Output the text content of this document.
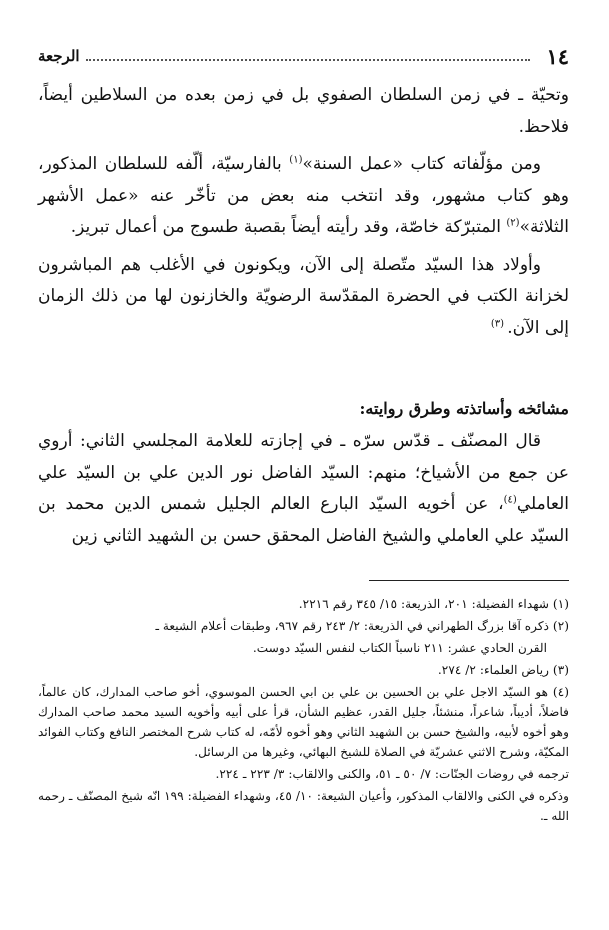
١٤
الرجعة

وتحيّة ـ في زمن السلطان الصفوي بل في زمن بعده من السلاطين أيضاً، فلاحظ.

ومن مؤلّفاته كتاب «عمل السنة»$^{(١)}$ بالفارسيّة، ألّفه للسلطان المذكور، وهو كتاب مشهور، وقد انتخب منه بعض من تأخّر عنه «عمل الأشهر الثلاثة»$^{(٢)}$ المتبرّكة خاصّة، وقد رأيته أيضاً بقصبة طسوج من أعمال تبريز.

وأولاد هذا السيّد متّصلة إلى الآن، ويكونون في الأغلب هم المباشرون لخزانة الكتب في الحضرة المقدّسة الرضويّة والخازنون لها من ذلك الزمان إلى الآن. $^{(٣)}$

مشائخه وأساتذته وطرق روايته:

قال المصنّف ـ قدّس سرّه ـ في إجازته للعلامة المجلسي الثاني: أروي عن جمع من الأشياخ؛ منهم: السيّد الفاضل نور الدين علي بن السيّد علي العاملي$^{(٤)}$، عن أخويه السيّد البارع العالم الجليل شمس الدين محمد بن السيّد علي العاملي والشيخ الفاضل المحقق حسن بن الشهيد الثاني زين

(١) شهداء الفضيلة: ٢٠١، الذريعة: ١٥/ ٣٤٥ رقم ٢٢١٦.
(٢) ذكره آقا بزرگ الطهراني في الذريعة: ٢/ ٢٤٣ رقم ٩٦٧، وطبقات أعلام الشيعة ـ
القرن الحادي عشر: ٢١١ ناسباً الكتاب لنفس السيّد دوست.
(٣) رياض العلماء: ٢/ ٢٧٤.
(٤) هو السيّد الاجل علي بن الحسين بن علي بن ابي الحسن الموسوي، أخو صاحب المدارك، كان عالماً، فاضلاً، أديباً، شاعراً، منشئاً، جليل القدر، عظيم الشأن، قرأ على أبيه وأخويه السيد محمد صاحب المدارك وهو أخوه لأبيه، والشيخ حسن بن الشهيد الثاني وهو أخوه لأمّه، له كتاب شرح المختصر النافع وكتاب الفوائد المكيّة، وشرح الاثني عشريّة في الصلاة للشيخ البهائي، وغيرها من الرسائل.
ترجمه في روضات الجنّات: ٧/ ٥٠ ـ ٥١، والكنى والالقاب: ٣/ ٢٢٣ ـ ٢٢٤.
وذكره في الكنى والالقاب المذكور، وأعيان الشيعة: ١٠/ ٤٥، وشهداء الفضيلة: ١٩٩ انّه شيخ المصنّف ـ رحمه الله ـ.
